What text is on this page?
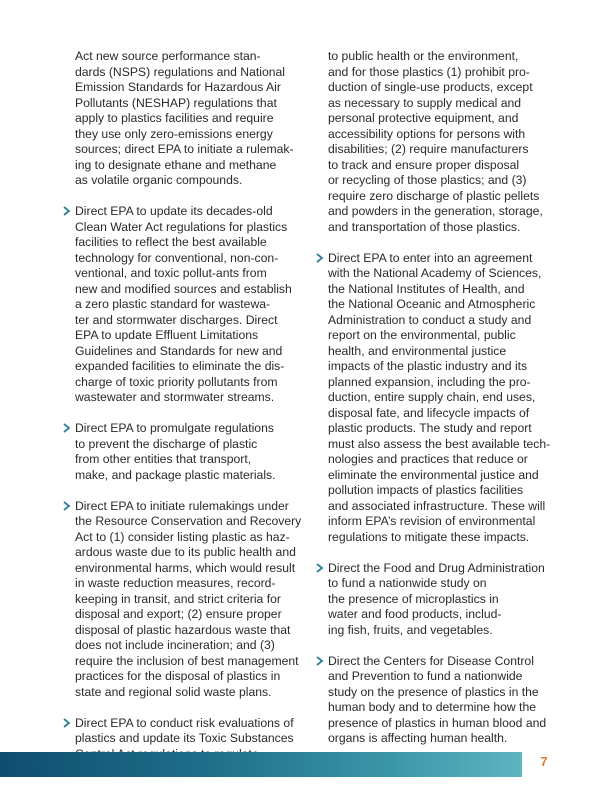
Act new source performance stan-
dards (NSPS) regulations and National
Emission Standards for Hazardous Air
Pollutants (NESHAP) regulations that
apply to plastics facilities and require
they use only zero-emissions energy
sources; direct EPA to initiate a rulemak-
ing to designate ethane and methane
as volatile organic compounds.
Direct EPA to update its decades-old
Clean Water Act regulations for plastics
facilities to reflect the best available
technology for conventional, non-con-
ventional, and toxic pollut-ants from
new and modified sources and establish
a zero plastic standard for wastewa-
ter and stormwater discharges. Direct
EPA to update Effluent Limitations
Guidelines and Standards for new and
expanded facilities to eliminate the dis-
charge of toxic priority pollutants from
wastewater and stormwater streams.
Direct EPA to promulgate regulations
to prevent the discharge of plastic
from other entities that transport,
make, and package plastic materials.
Direct EPA to initiate rulemakings under
the Resource Conservation and Recovery
Act to (1) consider listing plastic as haz-
ardous waste due to its public health and
environmental harms, which would result
in waste reduction measures, record-
keeping in transit, and strict criteria for
disposal and export; (2) ensure proper
disposal of plastic hazardous waste that
does not include incineration; and (3)
require the inclusion of best management
practices for the disposal of plastics in
state and regional solid waste plans.
Direct EPA to conduct risk evaluations of
plastics and update its Toxic Substances
to public health or the environment,
and for those plastics (1) prohibit pro-
duction of single-use products, except
as necessary to supply medical and
personal protective equipment, and
accessibility options for persons with
disabilities; (2) require manufacturers
to track and ensure proper disposal
or recycling of those plastics; and (3)
require zero discharge of plastic pellets
and powders in the generation, storage,
and transportation of those plastics.
Direct EPA to enter into an agreement
with the National Academy of Sciences,
the National Institutes of Health, and
the National Oceanic and Atmospheric
Administration to conduct a study and
report on the environmental, public
health, and environmental justice
impacts of the plastic industry and its
planned expansion, including the pro-
duction, entire supply chain, end uses,
disposal fate, and lifecycle impacts of
plastic products. The study and report
must also assess the best available tech-
nologies and practices that reduce or
eliminate the environmental justice and
pollution impacts of plastics facilities
and associated infrastructure. These will
inform EPA’s revision of environmental
regulations to mitigate these impacts.
Direct the Food and Drug Administration
to fund a nationwide study on
the presence of microplastics in
water and food products, includ-
ing fish, fruits, and vegetables.
Direct the Centers for Disease Control
and Prevention to fund a nationwide
study on the presence of plastics in the
human body and to determine how the
presence of plastics in human blood and
organs is affecting human health.
7
